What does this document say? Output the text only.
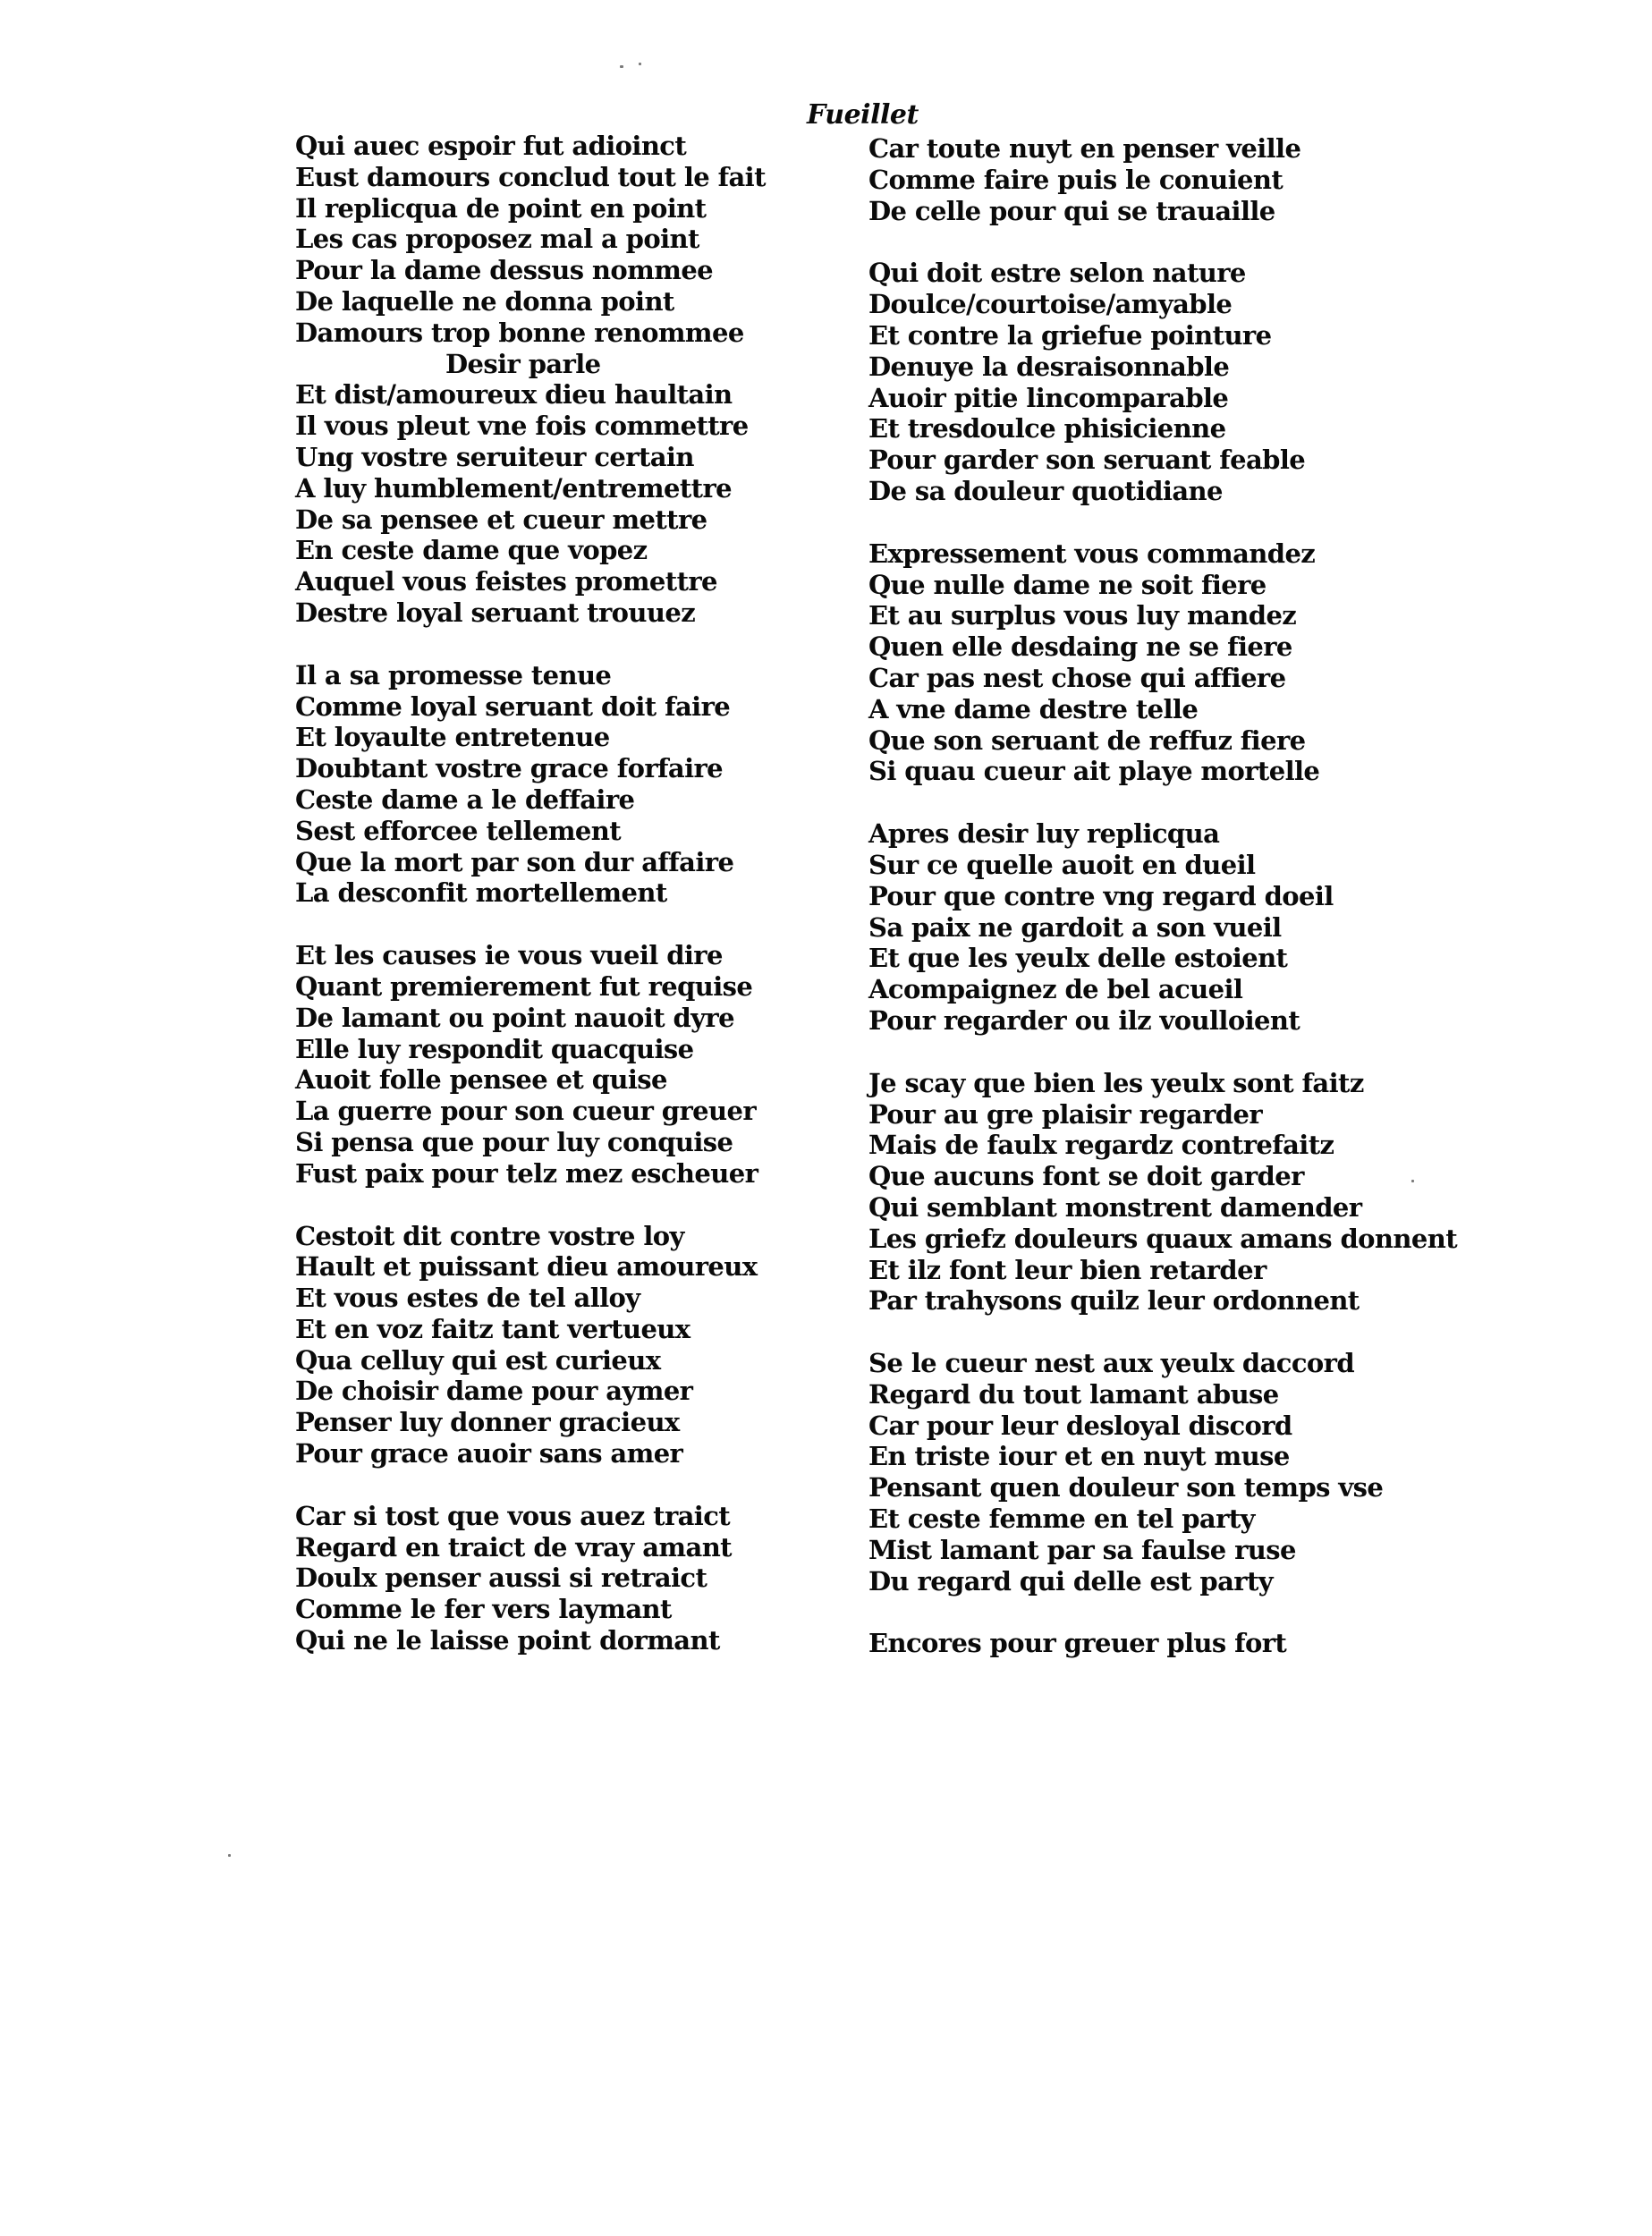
Fueillet
Qui auec espoir fut adioinct
Eust damours conclud tout le fait
Il replicqua de point en point
Les cas proposez mal a point
Pour la dame dessus nommee
De laquelle ne donna point
Damours trop bonne renommee
Desir parle
Et dist/amoureux dieu haultain
Il vous pleut vne fois commettre
Ung vostre seruiteur certain
A luy humblement/entremettre
De sa pensee et cueur mettre
En ceste dame que vopez
Auquel vous feistes promettre
Destre loyal seruant trouuez
Il a sa promesse tenue
Comme loyal seruant doit faire
Et loyaulte entretenue
Doubtant vostre grace forfaire
Ceste dame a le deffaire
Sest efforcee tellement
Que la mort par son dur affaire
La desconfit mortellement
Et les causes ie vous vueil dire
Quant premierement fut requise
De lamant ou point nauoit dyre
Elle luy respondit quacquise
Auoit folle pensee et quise
La guerre pour son cueur greuer
Si pensa que pour luy conquise
Fust paix pour telz mez escheuer
Cestoit dit contre vostre loy
Hault et puissant dieu amoureux
Et vous estes de tel alloy
Et en voz faitz tant vertueux
Qua celluy qui est curieux
De choisir dame pour aymer
Penser luy donner gracieux
Pour grace auoir sans amer
Car si tost que vous auez traict
Regard en traict de vray amant
Doulx penser aussi si retraict
Comme le fer vers laymant
Qui ne le laisse point dormant
Car toute nuyt en penser veille
Comme faire puis le conuient
De celle pour qui se trauaille
Qui doit estre selon nature
Doulce/courtoise/amyable
Et contre la griefue pointure
Denuye la desraisonnable
Auoir pitie lincomparable
Et tresdoulce phisicienne
Pour garder son seruant feable
De sa douleur quotidiane
Expressement vous commandez
Que nulle dame ne soit fiere
Et au surplus vous luy mandez
Quen elle desdaing ne se fiere
Car pas nest chose qui affiere
A vne dame destre telle
Que son seruant de reffuz fiere
Si quau cueur ait playe mortelle
Apres desir luy replicqua
Sur ce quelle auoit en dueil
Pour que contre vng regard doeil
Sa paix ne gardoit a son vueil
Et que les yeulx delle estoient
Acompaignez de bel acueil
Pour regarder ou ilz voulloient
Je scay que bien les yeulx sont faitz
Pour au gre plaisir regarder
Mais de faulx regardz contrefaitz
Que aucuns font se doit garder
Qui semblant monstrent damender
Les griefz douleurs quaux amans donnent
Et ilz font leur bien retarder
Par trahysons quilz leur ordonnent
Se le cueur nest aux yeulx daccord
Regard du tout lamant abuse
Car pour leur desloyal discord
En triste iour et en nuyt muse
Pensant quen douleur son temps vse
Et ceste femme en tel party
Mist lamant par sa faulse ruse
Du regard qui delle est party
Encores pour greuer plus fort
